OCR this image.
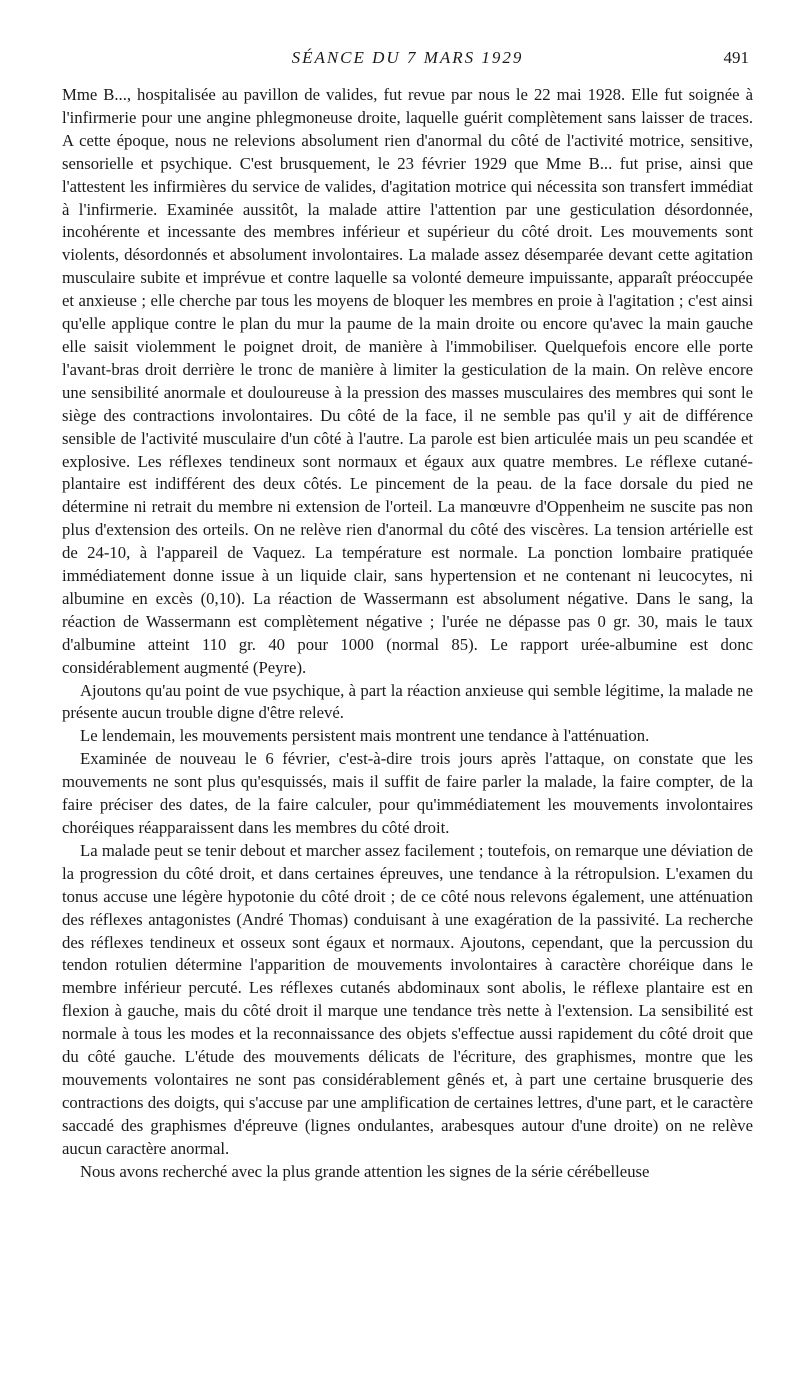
SÉANCE DU 7 MARS 1929	491

Mme B..., hospitalisée au pavillon de valides, fut revue par nous le 22 mai 1928. Elle fut soignée à l'infirmerie pour une angine phlegmoneuse droite, laquelle guérit complètement sans laisser de traces. A cette époque, nous ne relevions absolument rien d'anormal du côté de l'activité motrice, sensitive, sensorielle et psychique. C'est brusquement, le 23 février 1929 que Mme B... fut prise, ainsi que l'attestent les infirmières du service de valides, d'agitation motrice qui nécessita son transfert immédiat à l'infirmerie. Examinée aussitôt, la malade attire l'attention par une gesticulation désordonnée, incohérente et incessante des membres inférieur et supérieur du côté droit. Les mouvements sont violents, désordonnés et absolument involontaires. La malade assez désemparée devant cette agitation musculaire subite et imprévue et contre laquelle sa volonté demeure impuissante, apparaît préoccupée et anxieuse ; elle cherche par tous les moyens de bloquer les membres en proie à l'agitation ; c'est ainsi qu'elle applique contre le plan du mur la paume de la main droite ou encore qu'avec la main gauche elle saisit violemment le poignet droit, de manière à l'immobiliser. Quelquefois encore elle porte l'avant-bras droit derrière le tronc de manière à limiter la gesticulation de la main. On relève encore une sensibilité anormale et douloureuse à la pression des masses musculaires des membres qui sont le siège des contractions involontaires. Du côté de la face, il ne semble pas qu'il y ait de différence sensible de l'activité musculaire d'un côté à l'autre. La parole est bien articulée mais un peu scandée et explosive. Les réflexes tendineux sont normaux et égaux aux quatre membres. Le réflexe cutané-plantaire est indifférent des deux côtés. Le pincement de la peau. de la face dorsale du pied ne détermine ni retrait du membre ni extension de l'orteil. La manœuvre d'Oppenheim ne suscite pas non plus d'extension des orteils. On ne relève rien d'anormal du côté des viscères. La tension artérielle est de 24-10, à l'appareil de Vaquez. La température est normale. La ponction lombaire pratiquée immédiatement donne issue à un liquide clair, sans hypertension et ne contenant ni leucocytes, ni albumine en excès (0,10). La réaction de Wassermann est absolument négative. Dans le sang, la réaction de Wassermann est complètement négative ; l'urée ne dépasse pas 0 gr. 30, mais le taux d'albumine atteint 110 gr. 40 pour 1000 (normal 85). Le rapport urée-albumine est donc considérablement augmenté (Peyre).

Ajoutons qu'au point de vue psychique, à part la réaction anxieuse qui semble légitime, la malade ne présente aucun trouble digne d'être relevé.

Le lendemain, les mouvements persistent mais montrent une tendance à l'atténuation.

Examinée de nouveau le 6 février, c'est-à-dire trois jours après l'attaque, on constate que les mouvements ne sont plus qu'esquissés, mais il suffit de faire parler la malade, la faire compter, de la faire préciser des dates, de la faire calculer, pour qu'immédiatement les mouvements involontaires choréiques réapparaissent dans les membres du côté droit.

La malade peut se tenir debout et marcher assez facilement ; toutefois, on remarque une déviation de la progression du côté droit, et dans certaines épreuves, une tendance à la rétropulsion. L'examen du tonus accuse une légère hypotonie du côté droit ; de ce côté nous relevons également, une atténuation des réflexes antagonistes (André Thomas) conduisant à une exagération de la passivité. La recherche des réflexes tendineux et osseux sont égaux et normaux. Ajoutons, cependant, que la percussion du tendon rotulien détermine l'apparition de mouvements involontaires à caractère choréique dans le membre inférieur percuté. Les réflexes cutanés abdominaux sont abolis, le réflexe plantaire est en flexion à gauche, mais du côté droit il marque une tendance très nette à l'extension. La sensibilité est normale à tous les modes et la reconnaissance des objets s'effectue aussi rapidement du côté droit que du côté gauche. L'étude des mouvements délicats de l'écriture, des graphismes, montre que les mouvements volontaires ne sont pas considérablement gênés et, à part une certaine brusquerie des contractions des doigts, qui s'accuse par une amplification de certaines lettres, d'une part, et le caractère saccadé des graphismes d'épreuve (lignes ondulantes, arabesques autour d'une droite) on ne relève aucun caractère anormal.

Nous avons recherché avec la plus grande attention les signes de la série cérébelleuse
